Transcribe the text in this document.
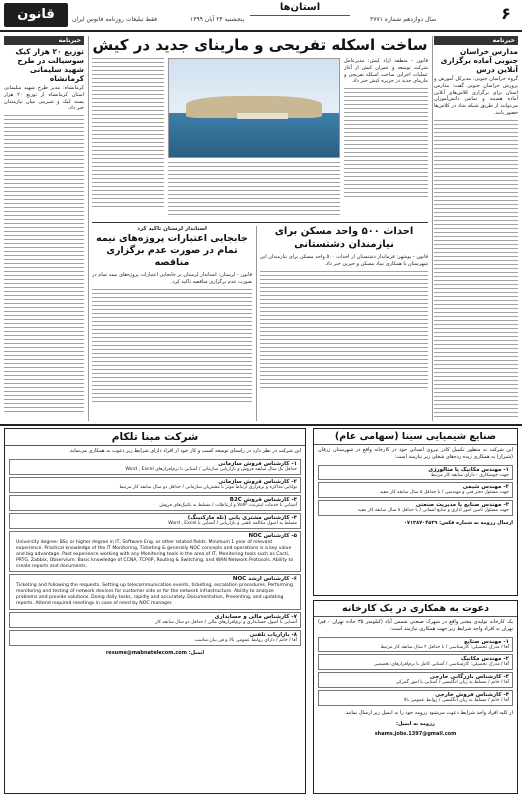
قانون	فقط تبلیغات روزنامه فانوس ایران	پنجشنبه ۲۴ آبان ۱۳۹۹
استان‌ها
سال دوازدهم شماره ۳۷۷۱	۶
خبرنامه
مدارس خراسان جنوبی آماده برگزاری آنلاین درس
گروه خراسان جنوبی: مدیرکل آموزش و پرورش خراسان جنوبی گفت: مدارس استان برای برگزاری کلاس‌های آنلاین آماده هستند و تمامی دانش‌آموزان می‌توانند از طریق شبکه شاد در کلاس‌ها حضور یابند.
خبرنامه
توزیع ۲۰ هزار کیک سوسیالت در طرح شهید سلیمانی کرمانشاه
کرمانشاه: مدیر طرح شهید سلیمانی استان کرمانشاه از توزیع ۲۰ هزار بسته کیک و شیرینی میان نیازمندان خبر داد.
ساخت اسکله تفریحی و مارینای جدید در کیش
قانون - منطقه آزاد کیش: مدیرعامل شرکت توسعه و عمران کیش از آغاز عملیات اجرایی ساخت اسکله تفریحی و مارینای جدید در جزیره کیش خبر داد.
احداث ۵۰۰ واحد مسکن برای نیازمندان دشتستانی
قانون - بوشهر: فرماندار دشتستان از احداث ۵۰۰ واحد مسکن برای نیازمندان این شهرستان با همکاری بنیاد مسکن و خیرین خبر داد.
استاندار لرستان تاکید کرد
جابجایی اعتبارات پروژه‌های نیمه تمام در صورت عدم برگزاری مناقصه
قانون - لرستان: استاندار لرستان بر جابجایی اعتبارات پروژه‌های نیمه تمام در صورت عدم برگزاری مناقصه تاکید کرد.
صنایع شیمیایی سینا (سهامی عام)
این شرکت به منظور تکمیل کادر نیروی انسانی خود در کارخانه واقع در شهرستان زرقان (شیراز) به همکاری زیده رده‌های شغلی زیر نیازمند است:
۱- مهندس مکانیک یا متالورژی
جهت جوشکاری - دارای سابقه کار مرتبط
۲- مهندس شیمی
جهت مسئول دفتر فنی و مهندسی / با حداقل ۵ سال سابقه کار مفید
۳- مهندس صنایع یا مدیریت صنعتی
جهت مسئول تامین امور اداری و منابع انسانی / با حداقل ۸ سال سابقه کار مفید
ارسال رزومه به شماره فکس: ۰۷۱۳۸۷۰۴۵۲۹
دعوت به همکاری در یک کارخانه
یک کارخانه تولیدی معتبر واقع در شهرک صنعتی شمس آباد (کیلومتر ۳۵ جاده تهران - قم) تهران به افراد واجد شرایط زیر جهت همکاری نیازمند است:
۱- مهندس صنایع
آقا / مدرک تحصیلی: کارشناسی / با حداقل ۲ سال سابقه کار مرتبط
۲- مهندس مکانیک
آقا / مدرک تحصیلی: کارشناسی / آشنایی کامل با نرم‌افزارهای تخصصی
۳- کارشناس بازرگانی خارجی
آقا / خانم / مسلط به زبان انگلیسی / آشنایی با امور گمرکی
۴- کارشناس فروش خارجی
آقا / خانم / مسلط به زبان انگلیسی / روابط عمومی بالا
از کلیه افراد واجد شرایط دعوت می‌شود رزومه خود را به ایمیل زیر ارسال نمایند.
رزومه به ایمیل:
shams.jobs.1397@gmail.com
شرکت مبنا تلکام
این شرکت در نظر دارد در راستای توسعه کسب و کار خود از افراد دارای شرایط زیر دعوت به همکاری می‌نماید.
۱- کارشناس فروش سازمانی
حداقل یک سال سابقه فروش و بازاریابی سازمانی / آشنایی با نرم‌افزارهای Word , Excel
۲- کارشناس فروش سازمانی
توانایی مذاکره و برقراری ارتباط موثر با مشتریان سازمانی / حداقل دو سال سابقه کار مرتبط
۳- کارشناس فروش B2C
آشنایی با خدمات اینترنت، VoIP و ارتباطات / مسلط به تکنیک‌های فروش
۴- کارشناس مشتری یابی (تله مارکتینگ)
مسلط به اصول مکالمه تلفنی و بازاریابی / آشنایی با Word , Excel
۵- کارشناس NOC
University degree: BSc or higher degree in IT, Software Eng. or other related fields. Minimum 1 year of relevant experience. Practical knowledge of the IT Monitoring, Ticketing & generally NOC concepts and operations is a key value and big advantage. Past experience working with any Monitoring tools in the area of IT, Monitoring tools such as Cacti, PRTG, Zabbix, Observium. Basic knowledge of CCNA, TCP/IP, Routing & Switching, and WAN Network Protocols. Ability to create reports and documents.
۶- کارشناس ارشد NOC
Ticketing and following the requests. Setting up telecommunication events, ticketing, escalation procedures. Performing monitoring and testing of network devices for customer side or for the network infrastructure. Ability to analyze problems and provide solutions. Doing daily tasks, rapidly and accurately. Documentation, Presenting, and updating reports. Attend required meetings in case of need by NOC manager.
۷- کارشناس مالی و حسابداری
آشنایی با اصول حسابداری و نرم‌افزارهای مالی / حداقل دو سال سابقه کار
۸- بازاریاب تلفنی
آقا / خانم / دارای روابط عمومی بالا و فن بیان مناسب
ایمیل: resume@mabnatelecom.com
